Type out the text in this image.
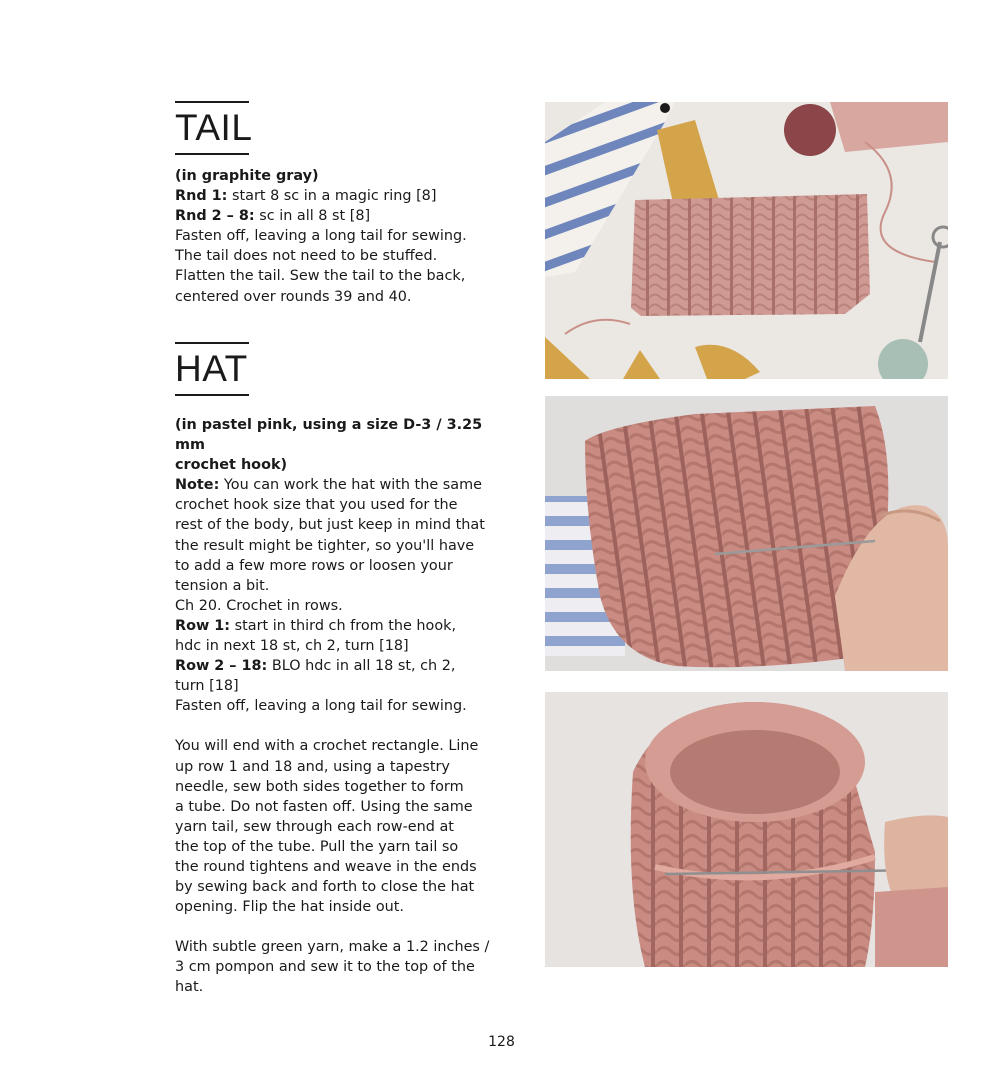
TAIL

(in graphite gray)

Rnd 1: start 8 sc in a magic ring [8]

Rnd 2 – 8: sc in all 8 st [8]

Fasten off, leaving a long tail for sewing.

The tail does not need to be stuffed.

Flatten the tail. Sew the tail to the back,

centered over rounds 39 and 40.

HAT

(in pastel pink, using a size D-3 / 3.25 mm

crochet hook)

Note: You can work the hat with the same

crochet hook size that you used for the

rest of the body, but just keep in mind that

the result might be tighter, so you'll have

to add a few more rows or loosen your

tension a bit.

Ch 20. Crochet in rows.

Row 1: start in third ch from the hook,

hdc in next 18 st, ch 2, turn [18]

Row 2 – 18: BLO hdc in all 18 st, ch 2,

turn [18]

Fasten off, leaving a long tail for sewing.

You will end with a crochet rectangle. Line

up row 1 and 18 and, using a tapestry

needle, sew both sides together to form

a tube. Do not fasten off. Using the same

yarn tail, sew through each row-end at

the top of the tube. Pull the yarn tail so

the round tightens and weave in the ends

by sewing back and forth to close the hat

opening. Flip the hat inside out.

With subtle green yarn, make a 1.2 inches /

3 cm pompon and sew it to the top of the

hat.

128
